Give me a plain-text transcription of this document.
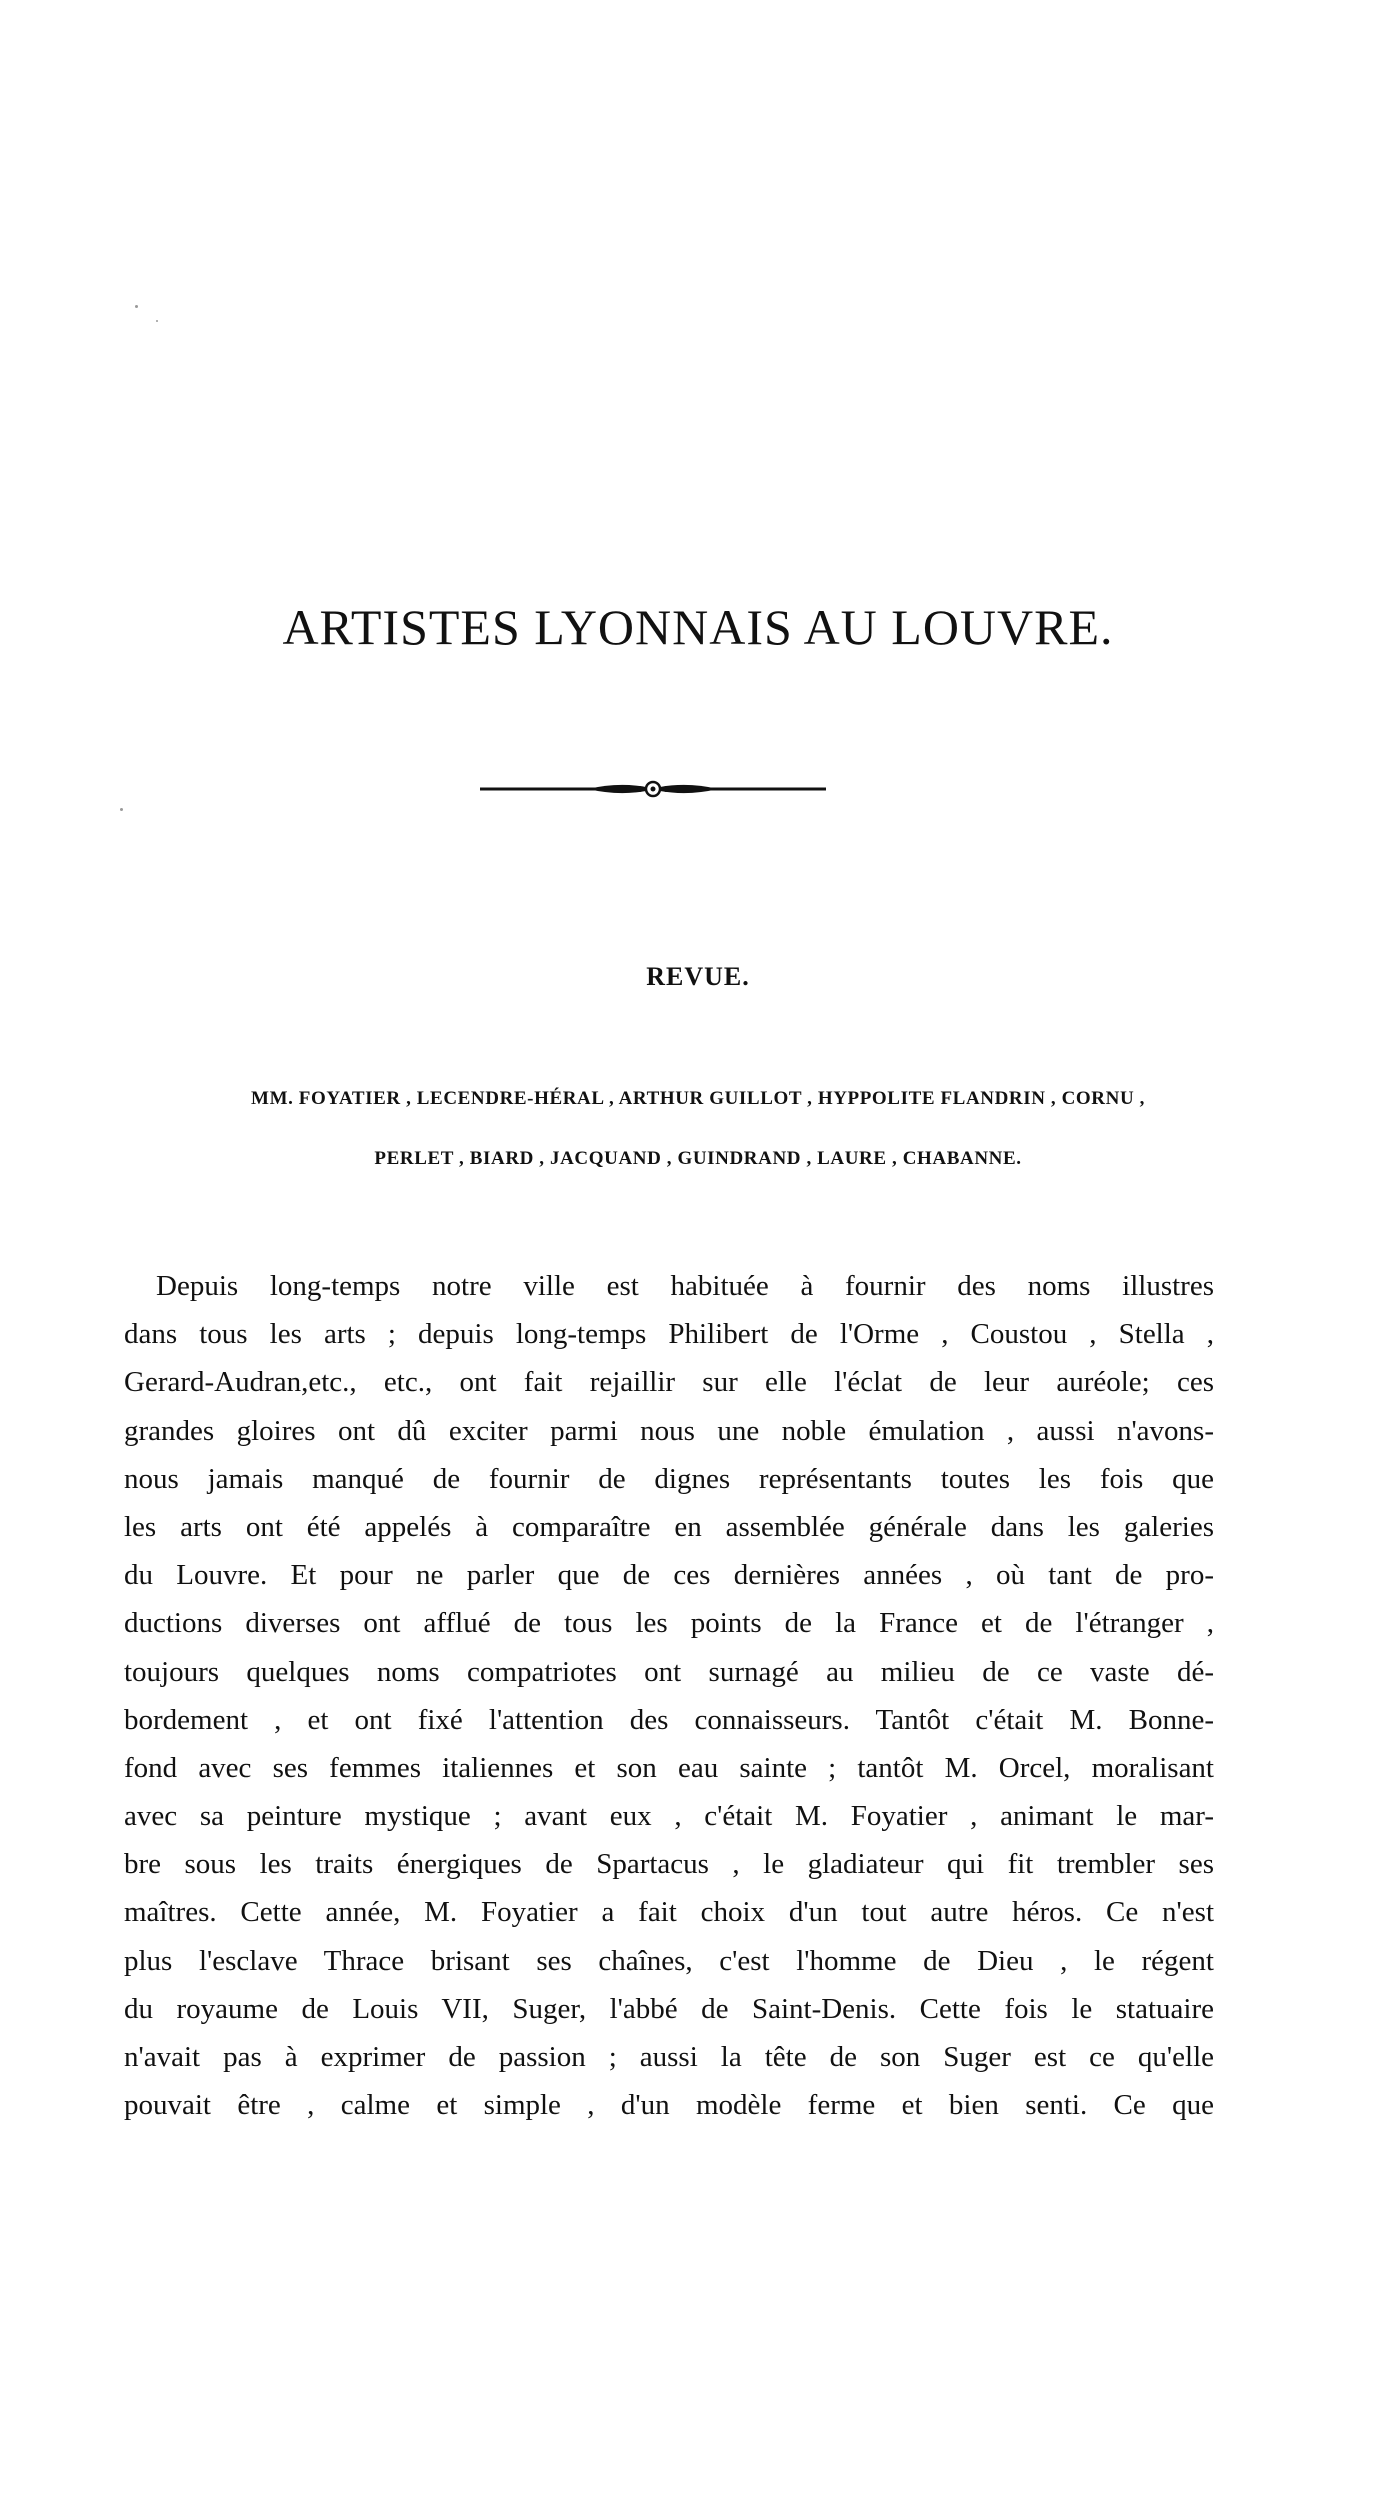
ARTISTES LYONNAIS AU LOUVRE.
REVUE.
MM. FOYATIER , LECENDRE-HÉRAL , ARTHUR GUILLOT , HYPPOLITE FLANDRIN , CORNU ,
PERLET , BIARD , JACQUAND , GUINDRAND , LAURE , CHABANNE.
Depuis long-temps notre ville est habituée à fournir des noms illustres
dans tous les arts ; depuis long-temps Philibert de l'Orme , Coustou , Stella ,
Gerard-Audran,etc., etc., ont fait rejaillir sur elle l'éclat de leur auréole; ces
grandes gloires ont dû exciter parmi nous une noble émulation , aussi n'avons-
nous jamais manqué de fournir de dignes représentants toutes les fois que
les arts ont été appelés à comparaître en assemblée générale dans les galeries
du Louvre. Et pour ne parler que de ces dernières années , où tant de pro-
ductions diverses ont afflué de tous les points de la France et de l'étranger ,
toujours quelques noms compatriotes ont surnagé au milieu de ce vaste dé-
bordement , et ont fixé l'attention des connaisseurs. Tantôt c'était M. Bonne-
fond avec ses femmes italiennes et son eau sainte ; tantôt M. Orcel, moralisant
avec sa peinture mystique ; avant eux , c'était M. Foyatier , animant le mar-
bre sous les traits énergiques de Spartacus , le gladiateur qui fit trembler ses
maîtres. Cette année, M. Foyatier a fait choix d'un tout autre héros. Ce n'est
plus l'esclave Thrace brisant ses chaînes, c'est l'homme de Dieu , le régent
du royaume de Louis VII, Suger, l'abbé de Saint-Denis. Cette fois le statuaire
n'avait pas à exprimer de passion ; aussi la tête de son Suger est ce qu'elle
pouvait être , calme et simple , d'un modèle ferme et bien senti. Ce que
